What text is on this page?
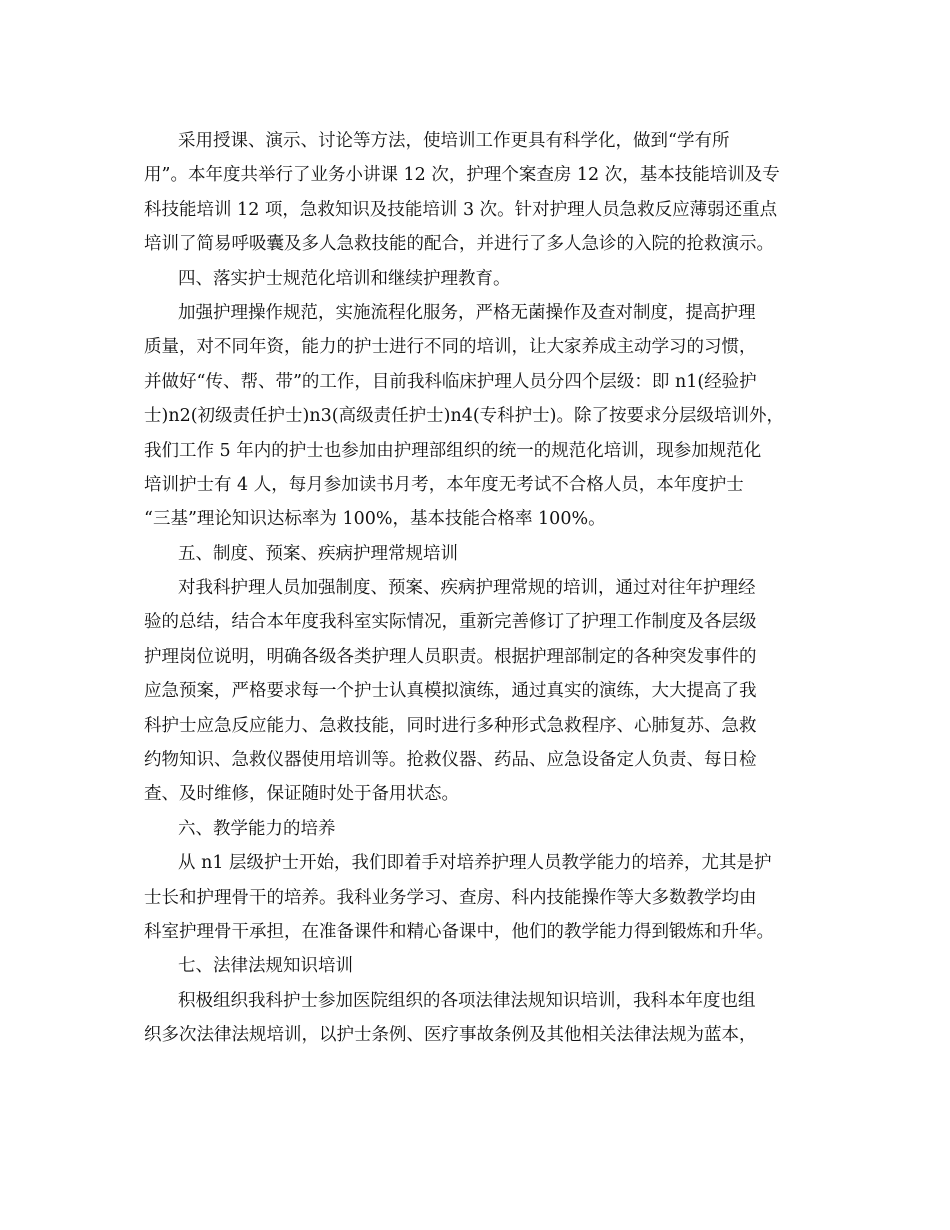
采用授课、演示、讨论等方法，使培训工作更具有科学化，做到“学有所
用”。本年度共举行了业务小讲课 12 次，护理个案查房 12 次，基本技能培训及专
科技能培训 12 项，急救知识及技能培训 3 次。针对护理人员急救反应薄弱还重点
培训了简易呼吸囊及多人急救技能的配合，并进行了多人急诊的入院的抢救演示。
四、落实护士规范化培训和继续护理教育。
加强护理操作规范，实施流程化服务，严格无菌操作及查对制度，提高护理
质量，对不同年资，能力的护士进行不同的培训，让大家养成主动学习的习惯，
并做好“传、帮、带”的工作，目前我科临床护理人员分四个层级：即 n1(经验护
士)n2(初级责任护士)n3(高级责任护士)n4(专科护士)。除了按要求分层级培训外，
我们工作 5 年内的护士也参加由护理部组织的统一的规范化培训，现参加规范化
培训护士有 4 人，每月参加读书月考，本年度无考试不合格人员，本年度护士
“三基”理论知识达标率为 100%，基本技能合格率 100%。
五、制度、预案、疾病护理常规培训
对我科护理人员加强制度、预案、疾病护理常规的培训，通过对往年护理经
验的总结，结合本年度我科室实际情况，重新完善修订了护理工作制度及各层级
护理岗位说明，明确各级各类护理人员职责。根据护理部制定的各种突发事件的
应急预案，严格要求每一个护士认真模拟演练，通过真实的演练，大大提高了我
科护士应急反应能力、急救技能，同时进行多种形式急救程序、心肺复苏、急救
约物知识、急救仪器使用培训等。抢救仪器、药品、应急设备定人负责、每日检
查、及时维修，保证随时处于备用状态。
六、教学能力的培养
从 n1 层级护士开始，我们即着手对培养护理人员教学能力的培养，尤其是护
士长和护理骨干的培养。我科业务学习、查房、科内技能操作等大多数教学均由
科室护理骨干承担，在准备课件和精心备课中，他们的教学能力得到锻炼和升华。
七、法律法规知识培训
积极组织我科护士参加医院组织的各项法律法规知识培训，我科本年度也组
织多次法律法规培训，以护士条例、医疗事故条例及其他相关法律法规为蓝本，
